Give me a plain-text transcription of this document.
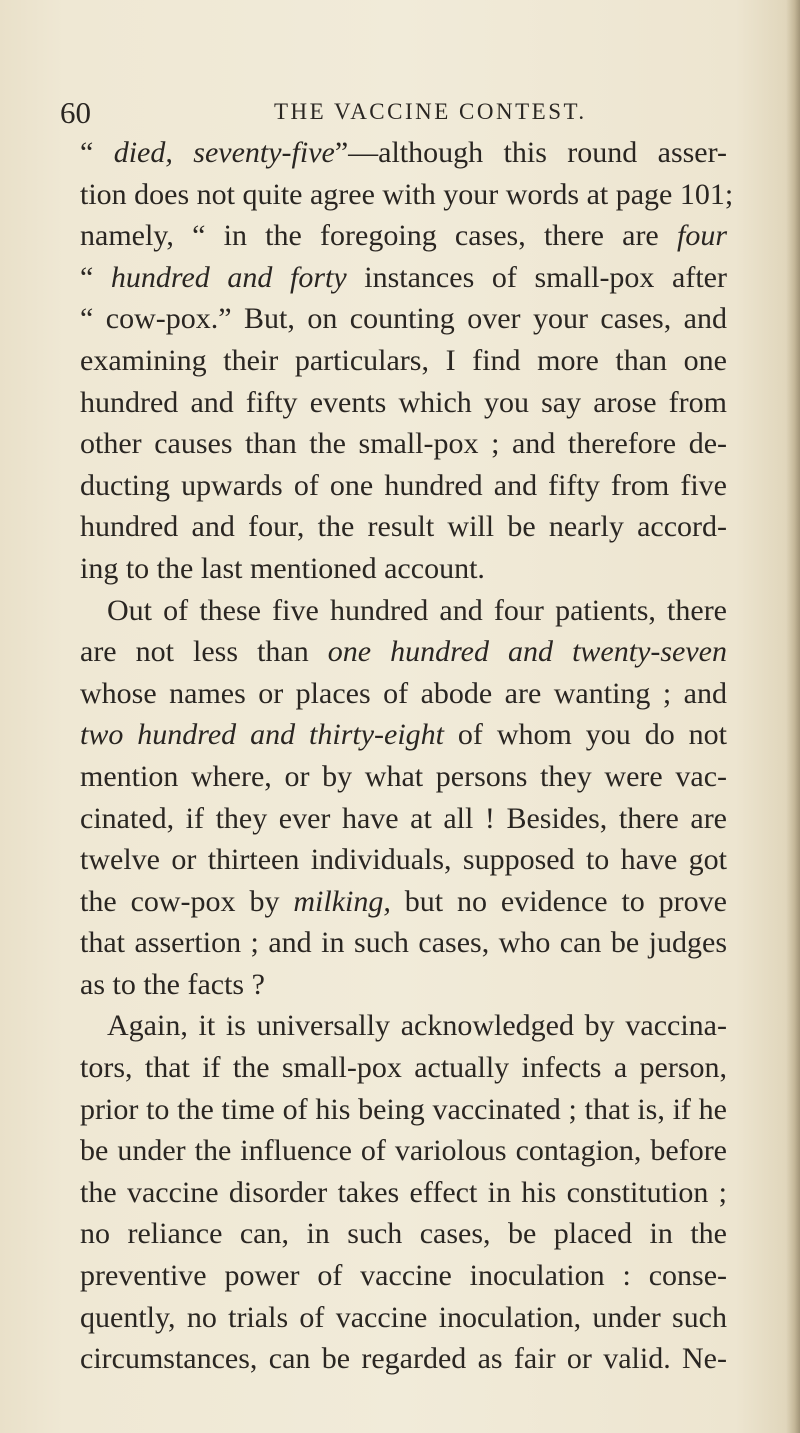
60	THE VACCINE CONTEST.
“ died, seventy-five”—although this round asser-
tion does not quite agree with your words at page 101;
namely, “ in the foregoing cases, there are four
“ hundred and forty instances of small-pox after
“ cow-pox.” But, on counting over your cases, and
examining their particulars, I find more than one
hundred and fifty events which you say arose from
other causes than the small-pox ; and therefore de-
ducting upwards of one hundred and fifty from five
hundred and four, the result will be nearly accord-
ing to the last mentioned account.
Out of these five hundred and four patients, there
are not less than one hundred and twenty-seven
whose names or places of abode are wanting ; and
two hundred and thirty-eight of whom you do not
mention where, or by what persons they were vac-
cinated, if they ever have at all ! Besides, there are
twelve or thirteen individuals, supposed to have got
the cow-pox by milking, but no evidence to prove
that assertion ; and in such cases, who can be judges
as to the facts ?
Again, it is universally acknowledged by vaccina-
tors, that if the small-pox actually infects a person,
prior to the time of his being vaccinated ; that is, if he
be under the influence of variolous contagion, before
the vaccine disorder takes effect in his constitution ;
no reliance can, in such cases, be placed in the
preventive power of vaccine inoculation : conse-
quently, no trials of vaccine inoculation, under such
circumstances, can be regarded as fair or valid. Ne-
